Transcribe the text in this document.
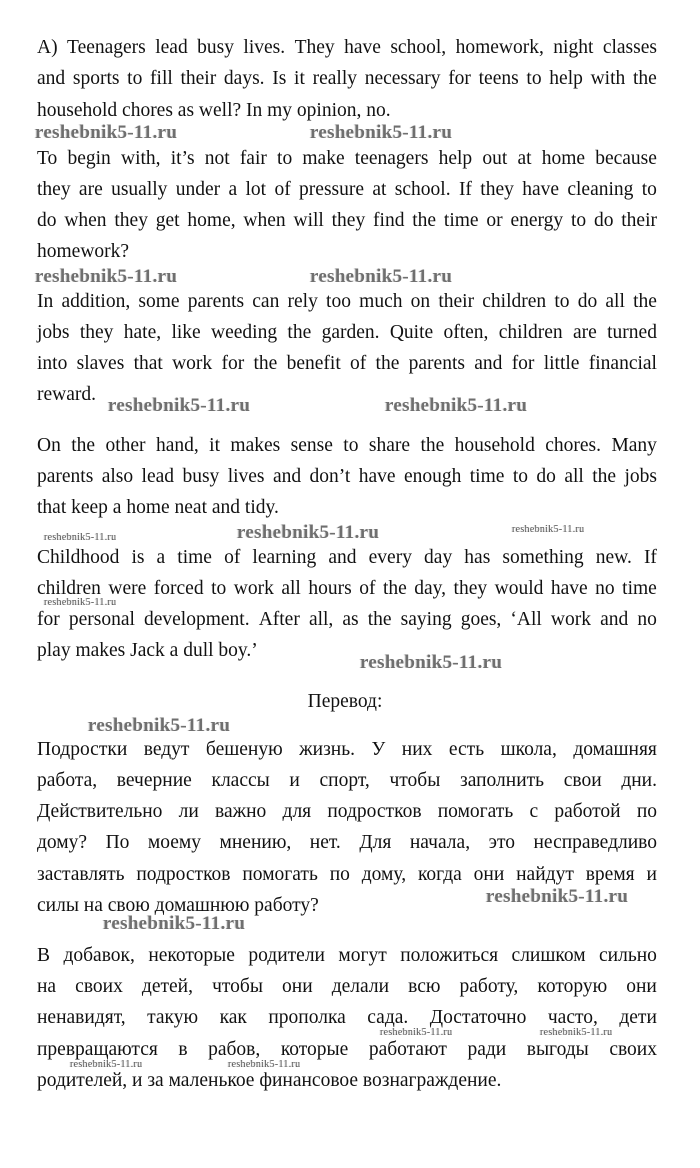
A) Teenagers lead busy lives. They have school, homework, night classes
and sports to fill their days. Is it really necessary for teens to help with the
household chores as well? In my opinion, no.
To begin with, it’s not fair to make teenagers help out at home because
they are usually under a lot of pressure at school. If they have cleaning to
do when they get home, when will they find the time or energy to do their
homework?
In addition, some parents can rely too much on their children to do all the
jobs they hate, like weeding the garden. Quite often, children are turned
into slaves that work for the benefit of the parents and for little financial
reward.
On the other hand, it makes sense to share the household chores. Many
parents also lead busy lives and don’t have enough time to do all the jobs
that keep a home neat and tidy.
Childhood is a time of learning and every day has something new. If
children were forced to work all hours of the day, they would have no time
for personal development. After all, as the saying goes, ‘All work and no
play makes Jack a dull boy.’
Перевод:
Подростки ведут бешеную жизнь. У них есть школа, домашняя
работа, вечерние классы и спорт, чтобы заполнить свои дни.
Действительно ли важно для подростков помогать с работой по
дому? По моему мнению, нет. Для начала, это несправедливо
заставлять подростков помогать по дому, когда они найдут время и
силы на свою домашнюю работу?
В добавок, некоторые родители могут положиться слишком сильно
на своих детей, чтобы они делали всю работу, которую они
ненавидят, такую как прополка сада. Достаточно часто, дети
превращаются в рабов, которые работают ради выгоды своих
родителей, и за маленькое финансовое вознаграждение.
reshebnik5-11.ru	reshebnik5-11.ru
reshebnik5-11.ru	reshebnik5-11.ru
reshebnik5-11.ru	reshebnik5-11.ru
reshebnik5-11.ru	reshebnik5-11.ru	reshebnik5-11.ru
reshebnik5-11.ru
reshebnik5-11.ru
reshebnik5-11.ru
reshebnik5-11.ru
reshebnik5-11.ru
reshebnik5-11.ru	reshebnik5-11.ru
reshebnik5-11.ru	reshebnik5-11.ru
